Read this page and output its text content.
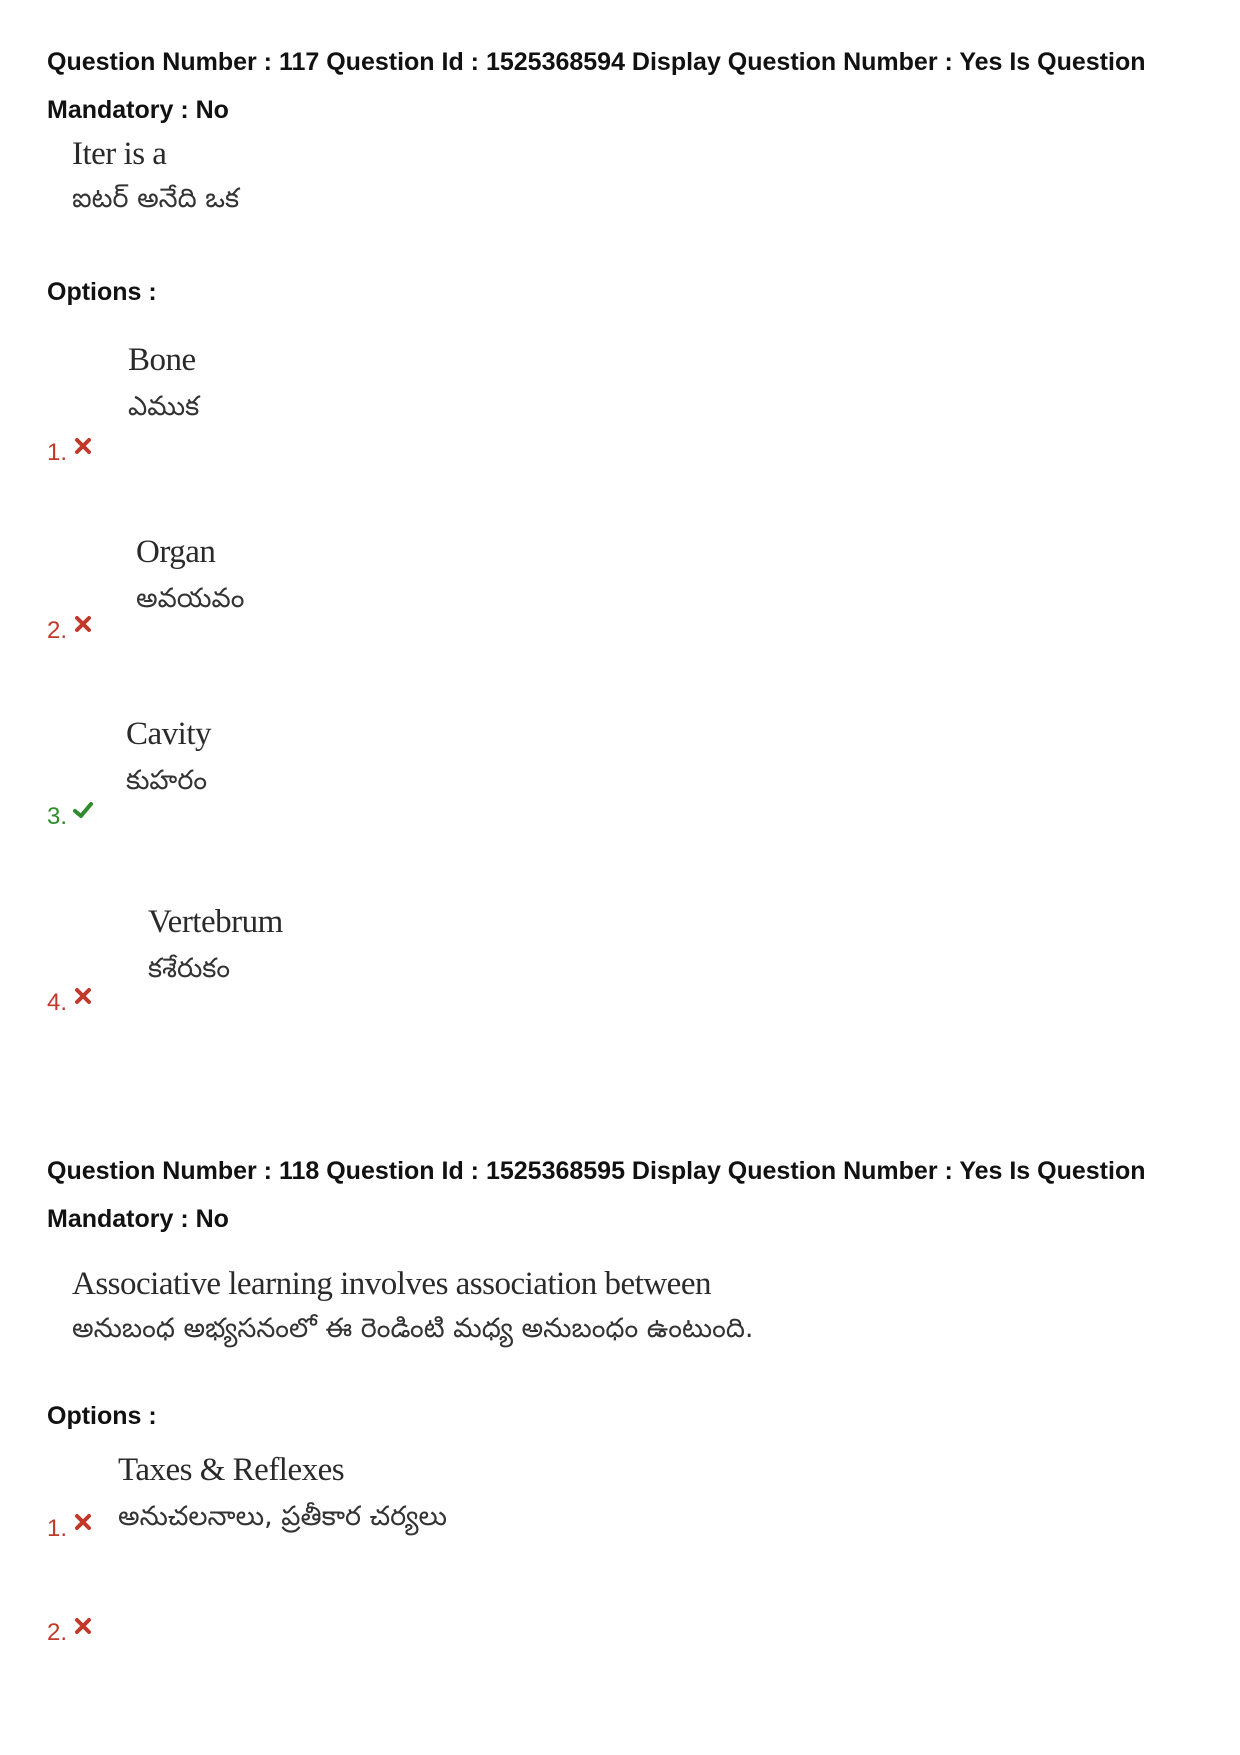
Question Number : 117 Question Id : 1525368594 Display Question Number : Yes Is Question Mandatory : No
Iter is a
ఐటర్ అనేది ఒక
Options :
Bone
ఎముక
1.
Organ
అవయవం
2.
Cavity
కుహరం
3.
Vertebrum
కశేరుకం
4.
Question Number : 118 Question Id : 1525368595 Display Question Number : Yes Is Question Mandatory : No
Associative learning involves association between
అనుబంధ అభ్యసనంలో ఈ రెండింటి మధ్య అనుబంధం ఉంటుంది.
Options :
Taxes & Reflexes
అనుచలనాలు, ప్రతీకార చర్యలు
1.
2.
